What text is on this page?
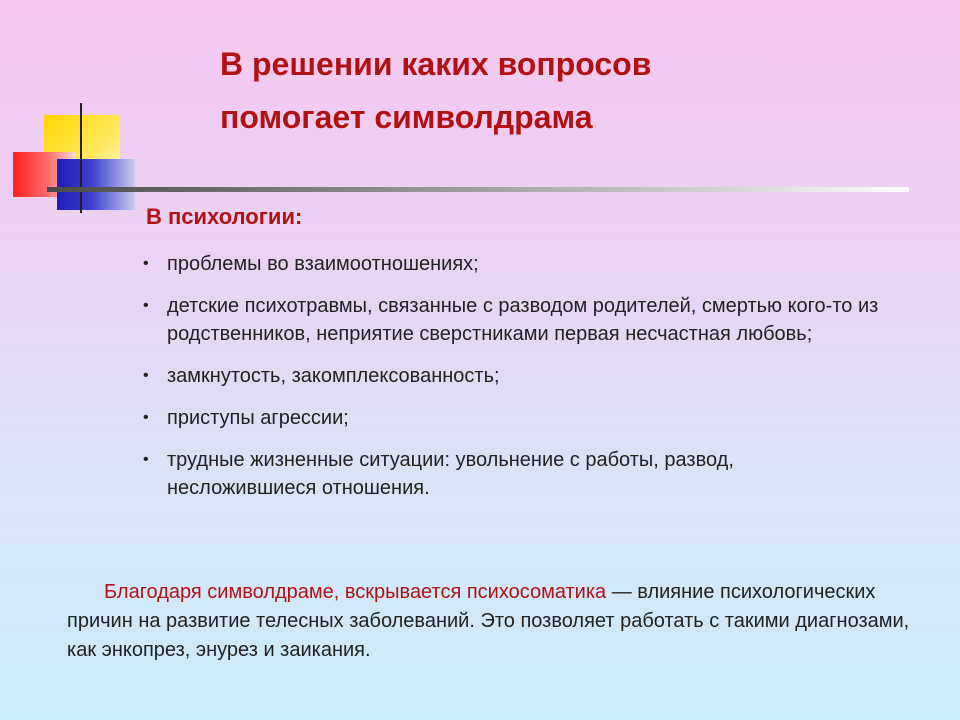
В решении каких вопросов
помогает символдрама
В психологии:
• проблемы во взаимоотношениях;
• детские психотравмы, связанные с разводом родителей, смертью кого-то из родственников, неприятие сверстниками первая несчастная любовь;
• замкнутость, закомплексованность;
• приступы агрессии;
• трудные жизненные ситуации: увольнение с работы, развод, несложившиеся отношения.

Благодаря символдраме, вскрывается психосоматика — влияние психологических причин на развитие телесных заболеваний. Это позволяет работать с такими диагнозами, как энкопрез, энурез и заикания.
